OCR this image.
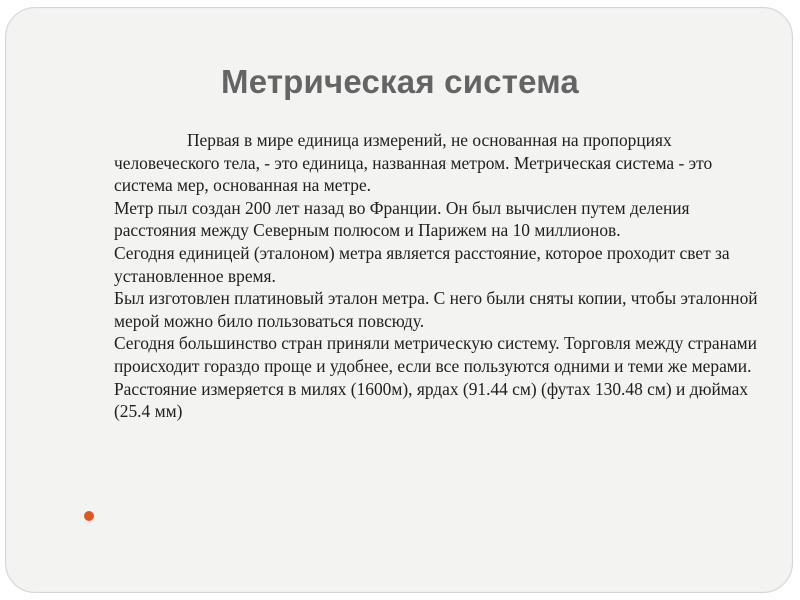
Метрическая система

Первая в мире единица измерений, не основанная на пропорциях человеческого тела, - это единица, названная метром. Метрическая система - это система мер, основанная на метре.

Метр пыл создан 200 лет назад во Франции. Он был вычислен путем деления расстояния между Северным полюсом и Парижем на 10 миллионов.

Сегодня единицей (эталоном) метра является расстояние, которое проходит свет за установленное время.

Был изготовлен платиновый эталон метра. С него были сняты копии, чтобы эталонной мерой можно било пользоваться повсюду.

Сегодня большинство стран приняли метрическую систему. Торговля между странами происходит гораздо проще и удобнее, если все пользуются одними и теми же мерами.

Расстояние измеряется в милях (1600м), ярдах (91.44 см) (футах 130.48 см) и дюймах (25.4 мм)
